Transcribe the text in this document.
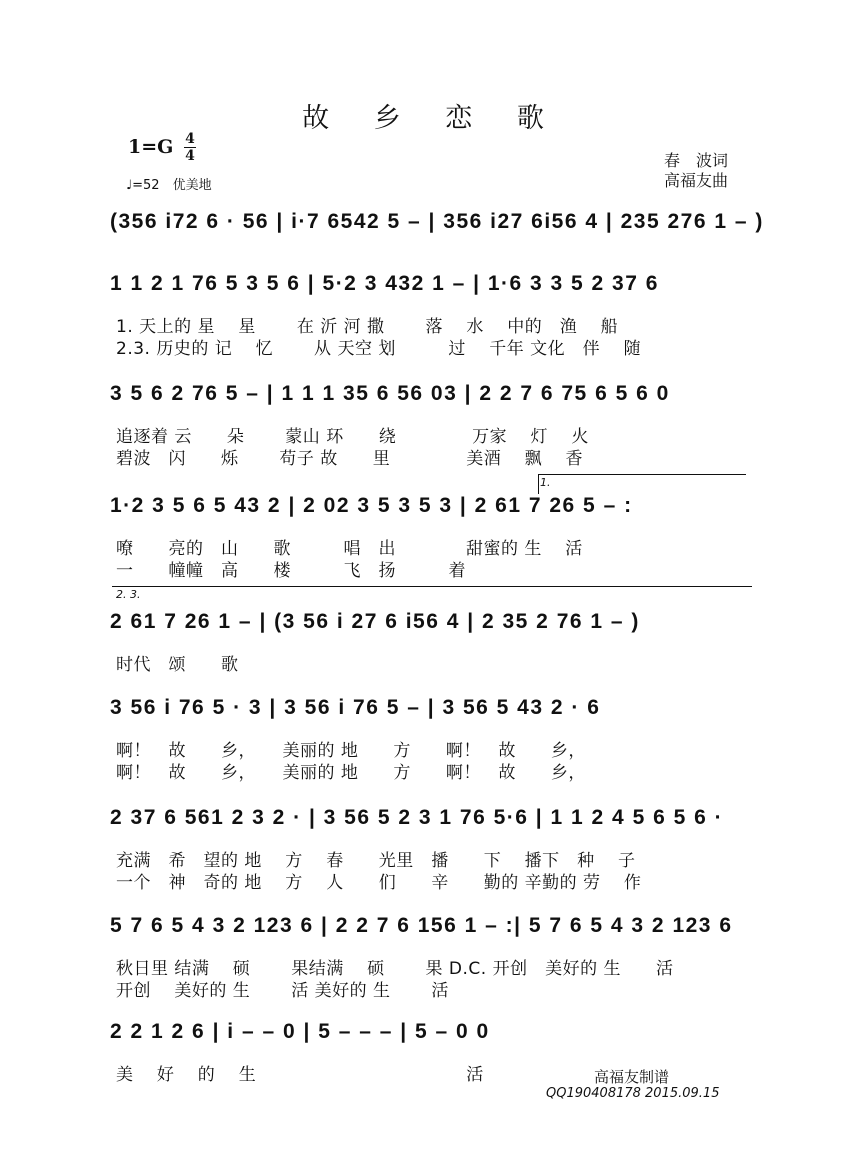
故 乡 恋 歌
1=G 4
4
♩=52　优美地
春　波词
高福友曲
(356 i72 6 · 56 | i·7 6542 5 – | 356 i27 6i56 4 | 235 276 1 – )
1 1 2 1 76 5 3 5 6 | 5·2 3 432 1 – | 1·6 3 3 5 2 37 6
1. 天上的 星　 星　　 在 沂 河 撒　　 落　 水　 中的　渔　 船
2.3. 历史的 记　 忆　　 从 天空 划　　　过　 千年 文化　伴　 随
3 5 6 2 76 5 – | 1 1 1 35 6 56 03 | 2 2 7 6 75 6 5 6 0
追逐着 云　　朵　　 蒙山 环　　绕　　　　 万家　 灯　 火
碧波　闪　　烁　　 苟子 故　　里　　　　 美酒　 飘　 香
1.
1·2 3 5 6 5 43 2 | 2 02 3 5 3 5 3 | 2 61 7 26 5 – :
嘹　　亮的　山　　歌　　　唱　出　　　　甜蜜的 生　 活
一　　幢幢　高　　楼　　　飞　扬　　　着
2. 3.
2 61 7 26 1 – | (3 56 i 27 6 i56 4 | 2 35 2 76 1 – )
时代　颂　　歌
3 56 i 76 5 · 3 | 3 56 i 76 5 – | 3 56 5 43 2 · 6
啊！　故　　乡，　　美丽的 地　　方　　啊！　故　　乡，
啊！　故　　乡，　　美丽的 地　　方　　啊！　故　　乡，
2 37 6 561 2 3 2 · | 3 56 5 2 3 1 76 5·6 | 1 1 2 4 5 6 5 6 ·
充满　希　望的 地　 方　 春　　光里　播　　下　 播下　种　 子
一个　神　奇的 地　 方　 人　　们　　辛　　勤的 辛勤的 劳　 作
5 7 6 5 4 3 2 123 6 | 2 2 7 6 156 1 – :| 5 7 6 5 4 3 2 123 6
秋日里 结满　 硕　　 果结满　 硕　　 果 D.C. 开创　美好的 生　　活
开创　 美好的 生　　 活 美好的 生　　 活
2 2 1 2 6 | i – – 0 | 5 – – – | 5 – 0 0
美　 好　 的　 生　　　　　　　　　　　　活	高福友制谱
QQ190408178 2015.09.15
